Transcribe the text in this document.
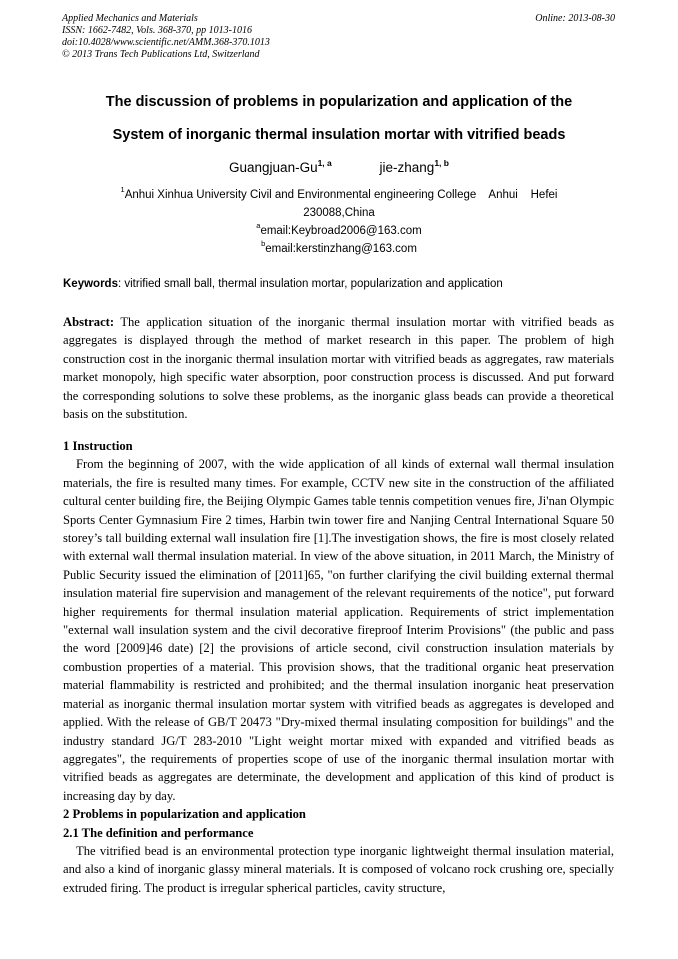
Applied Mechanics and Materials
ISSN: 1662-7482, Vols. 368-370, pp 1013-1016
doi:10.4028/www.scientific.net/AMM.368-370.1013
© 2013 Trans Tech Publications Ltd, Switzerland
Online: 2013-08-30
The discussion of problems in popularization and application of the
System of inorganic thermal insulation mortar with vitrified beads
Guangjuan-Gu$^{1, a}$	jie-zhang$^{1, b}$
$^1$Anhui Xinhua University Civil and Environmental engineering College    Anhui    Hefei
230088,China
$^a$email:Keybroad2006@163.com
$^b$email:kerstinzhang@163.com
Keywords: vitrified small ball, thermal insulation mortar, popularization and application

Abstract: The application situation of the inorganic thermal insulation mortar with vitrified beads as aggregates is displayed through the method of market research in this paper. The problem of high construction cost in the inorganic thermal insulation mortar with vitrified beads as aggregates, raw materials market monopoly, high specific water absorption, poor construction process is discussed. And put forward the corresponding solutions to solve these problems, as the inorganic glass beads can provide a theoretical basis on the substitution.

1 Instruction

From the beginning of 2007, with the wide application of all kinds of external wall thermal insulation materials, the fire is resulted many times. For example, CCTV new site in the construction of the affiliated cultural center building fire, the Beijing Olympic Games table tennis competition venues fire, Ji'nan Olympic Sports Center Gymnasium Fire 2 times, Harbin twin tower fire and Nanjing Central International Square 50 storey’s tall building external wall insulation fire [1].The investigation shows, the fire is most closely related with external wall thermal insulation material. In view of the above situation, in 2011 March, the Ministry of Public Security issued the elimination of [2011]65, "on further clarifying the civil building external thermal insulation material fire supervision and management of the relevant requirements of the notice", put forward higher requirements for thermal insulation material application. Requirements of strict implementation "external wall insulation system and the civil decorative fireproof Interim Provisions" (the public and pass the word [2009]46 date) [2] the provisions of article second, civil construction insulation materials by combustion properties of a material. This provision shows, that the traditional organic heat preservation material flammability is restricted and prohibited; and the thermal insulation inorganic heat preservation material as inorganic thermal insulation mortar system with vitrified beads as aggregates is developed and applied. With the release of GB/T 20473 "Dry-mixed thermal insulating composition for buildings" and the industry standard JG/T 283-2010 "Light weight mortar mixed with expanded and vitrified beads as aggregates", the requirements of properties scope of use of the inorganic thermal insulation mortar with vitrified beads as aggregates are determinate, the development and application of this kind of product is increasing day by day.

2 Problems in popularization and application

2.1 The definition and performance

The vitrified bead is an environmental protection type inorganic lightweight thermal insulation material, and also a kind of inorganic glassy mineral materials. It is composed of volcano rock crushing ore, specially extruded firing. The product is irregular spherical particles, cavity structure,
